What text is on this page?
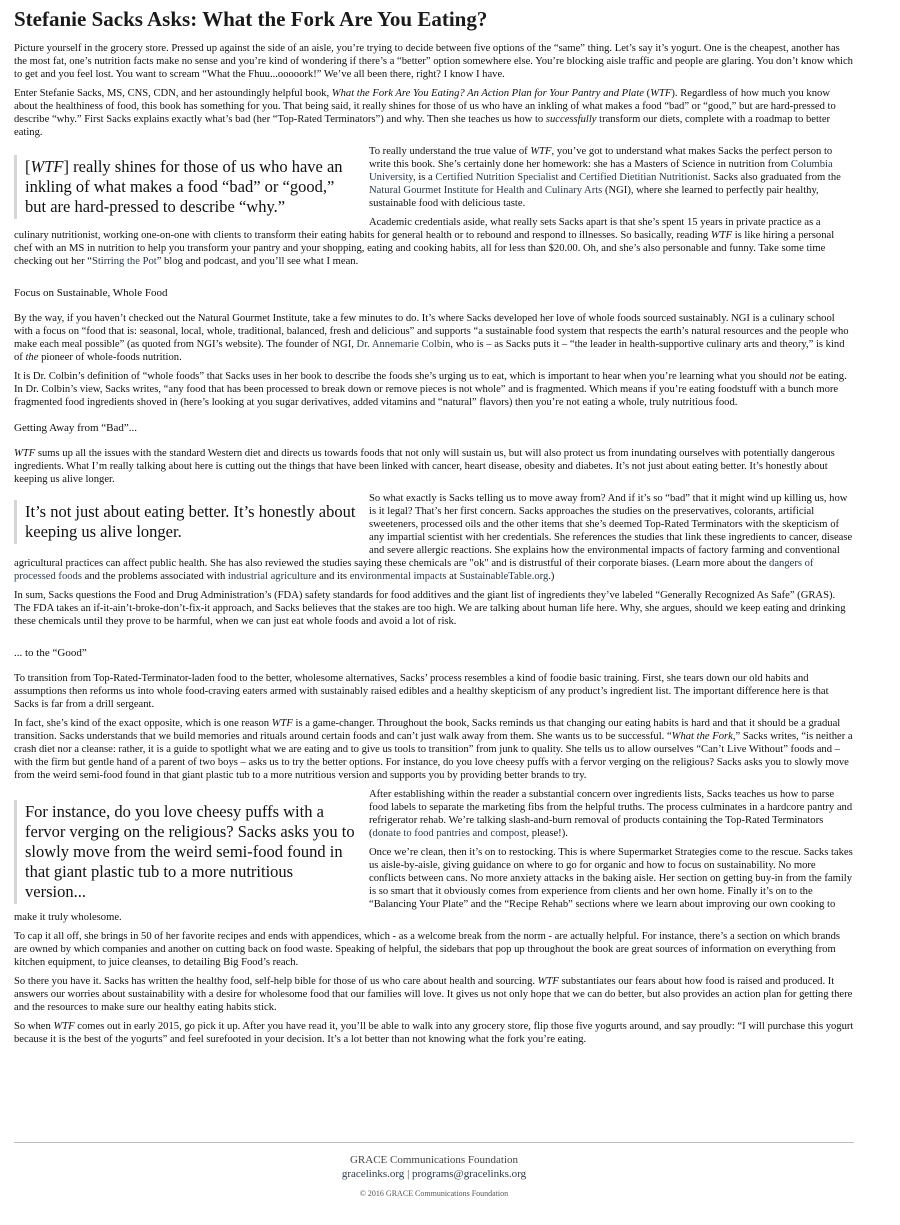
Stefanie Sacks Asks: What the Fork Are You Eating?

Picture yourself in the grocery store. Pressed up against the side of an aisle, you’re trying to decide between five options of the “same” thing. Let’s say it’s yogurt. One is the cheapest, another has the most fat, one’s nutrition facts make no sense and you’re kind of wondering if there’s a “better” option somewhere else. You’re blocking aisle traffic and people are glaring. You don’t know which to get and you feel lost. You want to scream “What the Fhuu...ooooork!” We’ve all been there, right? I know I have.

Enter Stefanie Sacks, MS, CNS, CDN, and her astoundingly helpful book, What the Fork Are You Eating? An Action Plan for Your Pantry and Plate (WTF). Regardless of how much you know about the healthiness of food, this book has something for you. That being said, it really shines for those of us who have an inkling of what makes a food “bad” or “good,” but are hard-pressed to describe “why.” First Sacks explains exactly what’s bad (her “Top-Rated Terminators”) and why. Then she teaches us how to successfully transform our diets, complete with a roadmap to better eating.

[WTF] really shines for those of us who have an inkling of what makes a food “bad” or “good,” but are hard-pressed to describe “why.”

To really understand the true value of WTF, you’ve got to understand what makes Sacks the perfect person to write this book. She’s certainly done her homework: she has a Masters of Science in nutrition from Columbia University, is a Certified Nutrition Specialist and Certified Dietitian Nutritionist. Sacks also graduated from the Natural Gourmet Institute for Health and Culinary Arts (NGI), where she learned to perfectly pair healthy, sustainable food with delicious taste.

Academic credentials aside, what really sets Sacks apart is that she’s spent 15 years in private practice as a culinary nutritionist, working one-on-one with clients to transform their eating habits for general health or to rebound and respond to illnesses. So basically, reading WTF is like hiring a personal chef with an MS in nutrition to help you transform your pantry and your shopping, eating and cooking habits, all for less than $20.00. Oh, and she’s also personable and funny. Take some time checking out her “Stirring the Pot” blog and podcast, and you’ll see what I mean.

Focus on Sustainable, Whole Food

By the way, if you haven’t checked out the Natural Gourmet Institute, take a few minutes to do. It’s where Sacks developed her love of whole foods sourced sustainably. NGI is a culinary school with a focus on “food that is: seasonal, local, whole, traditional, balanced, fresh and delicious” and supports “a sustainable food system that respects the earth’s natural resources and the people who make each meal possible” (as quoted from NGI’s website). The founder of NGI, Dr. Annemarie Colbin, who is – as Sacks puts it – “the leader in health-supportive culinary arts and theory,” is kind of the pioneer of whole-foods nutrition.

It is Dr. Colbin’s definition of “whole foods” that Sacks uses in her book to describe the foods she’s urging us to eat, which is important to hear when you’re learning what you should not be eating. In Dr. Colbin’s view, Sacks writes, “any food that has been processed to break down or remove pieces is not whole” and is fragmented. Which means if you’re eating foodstuff with a bunch more fragmented food ingredients shoved in (here’s looking at you sugar derivatives, added vitamins and “natural” flavors) then you’re not eating a whole, truly nutritious food.

Getting Away from “Bad”...

WTF sums up all the issues with the standard Western diet and directs us towards foods that not only will sustain us, but will also protect us from inundating ourselves with potentially dangerous ingredients. What I’m really talking about here is cutting out the things that have been linked with cancer, heart disease, obesity and diabetes. It’s not just about eating better. It’s honestly about keeping us alive longer.

It’s not just about eating better. It’s honestly about keeping us alive longer.

So what exactly is Sacks telling us to move away from? And if it’s so “bad” that it might wind up killing us, how is it legal? That’s her first concern. Sacks approaches the studies on the preservatives, colorants, artificial sweeteners, processed oils and the other items that she’s deemed Top-Rated Terminators with the skepticism of any impartial scientist with her credentials. She references the studies that link these ingredients to cancer, disease and severe allergic reactions. She explains how the environmental impacts of factory farming and conventional agricultural practices can affect public health. She has also reviewed the studies saying these chemicals are "ok" and is distrustful of their corporate biases. (Learn more about the dangers of processed foods and the problems associated with industrial agriculture and its environmental impacts at SustainableTable.org.)

In sum, Sacks questions the Food and Drug Administration’s (FDA) safety standards for food additives and the giant list of ingredients they’ve labeled “Generally Recognized As Safe” (GRAS). The FDA takes an if-it-ain’t-broke-don’t-fix-it approach, and Sacks believes that the stakes are too high. We are talking about human life here. Why, she argues, should we keep eating and drinking these chemicals until they prove to be harmful, when we can just eat whole foods and avoid a lot of risk.

... to the “Good”

To transition from Top-Rated-Terminator-laden food to the better, wholesome alternatives, Sacks’ process resembles a kind of foodie basic training. First, she tears down our old habits and assumptions then reforms us into whole food-craving eaters armed with sustainably raised edibles and a healthy skepticism of any product’s ingredient list. The important difference here is that Sacks is far from a drill sergeant.

In fact, she’s kind of the exact opposite, which is one reason WTF is a game-changer. Throughout the book, Sacks reminds us that changing our eating habits is hard and that it should be a gradual transition. Sacks understands that we build memories and rituals around certain foods and can’t just walk away from them. She wants us to be successful. “What the Fork,” Sacks writes, “is neither a crash diet nor a cleanse: rather, it is a guide to spotlight what we are eating and to give us tools to transition” from junk to quality. She tells us to allow ourselves “Can’t Live Without” foods and – with the firm but gentle hand of a parent of two boys – asks us to try the better options. For instance, do you love cheesy puffs with a fervor verging on the religious? Sacks asks you to slowly move from the weird semi-food found in that giant plastic tub to a more nutritious version and supports you by providing better brands to try.

For instance, do you love cheesy puffs with a fervor verging on the religious? Sacks asks you to slowly move from the weird semi-food found in that giant plastic tub to a more nutritious version...

After establishing within the reader a substantial concern over ingredients lists, Sacks teaches us how to parse food labels to separate the marketing fibs from the helpful truths. The process culminates in a hardcore pantry and refrigerator rehab. We’re talking slash-and-burn removal of products containing the Top-Rated Terminators (donate to food pantries and compost, please!).

Once we’re clean, then it’s on to restocking. This is where Supermarket Strategies come to the rescue. Sacks takes us aisle-by-aisle, giving guidance on where to go for organic and how to focus on sustainability. No more conflicts between cans. No more anxiety attacks in the baking aisle. Her section on getting buy-in from the family is so smart that it obviously comes from experience from clients and her own home. Finally it’s on to the “Balancing Your Plate” and the “Recipe Rehab” sections where we learn about improving our own cooking to make it truly wholesome.

To cap it all off, she brings in 50 of her favorite recipes and ends with appendices, which - as a welcome break from the norm - are actually helpful. For instance, there’s a section on which brands are owned by which companies and another on cutting back on food waste. Speaking of helpful, the sidebars that pop up throughout the book are great sources of information on everything from kitchen equipment, to juice cleanses, to detailing Big Food’s reach.

So there you have it. Sacks has written the healthy food, self-help bible for those of us who care about health and sourcing. WTF substantiates our fears about how food is raised and produced. It answers our worries about sustainability with a desire for wholesome food that our families will love. It gives us not only hope that we can do better, but also provides an action plan for getting there and the resources to make sure our healthy eating habits stick.

So when WTF comes out in early 2015, go pick it up. After you have read it, you’ll be able to walk into any grocery store, flip those five yogurts around, and say proudly: “I will purchase this yogurt because it is the best of the yogurts” and feel surefooted in your decision. It’s a lot better than not knowing what the fork you’re eating.

GRACE Communications Foundation
gracelinks.org | programs@gracelinks.org
© 2016 GRACE Communications Foundation
